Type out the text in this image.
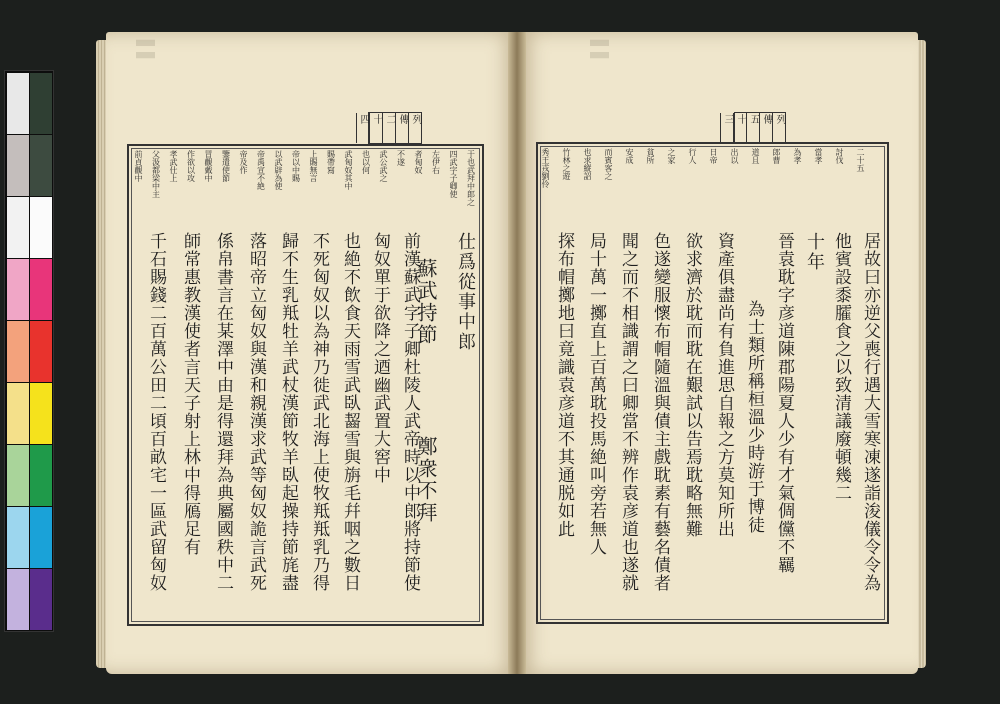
▌▌	▌▌
列
傳
二
十
四	列
傳
五
十
三
前貞觀中 父汲都梁中主 孝武仕上 作欲以攻 冒觀戴中 鑒遣使節 帝及作 帝禹宣不絶 以武辟為使 帝以中賜 上賜無言 賜帶寫 武匈奴其中 也以何 武公武之 不遂 者匈奴 左伊右 四武字子卿使 于也武拜中郎之
千石賜錢二百萬公田二頃百畝宅一區武留匈奴 師常惠教漢使者言天子射上林中得鴈足有 係帛書言在某澤中由是得還拜為典屬國秩中二 落昭帝立匈奴與漢和親漢求武等匈奴詭言武死 歸不生乳羝牡羊武杖漢節牧羊臥起操持節旄盡 不死匈奴以為神乃徙武北海上使牧羝羝乳乃得 也絶不飲食天雨雪武臥齧雪與旃毛幷咽之數日 匈奴單于欲降之迺幽武置大窖中 前漢蘇武字子卿杜陵人武帝時以中郎將持節使
蘇武持節
鄭衆不拜
仕爲從事中郎
秀王戎劉伶 竹林之遊 也求縱詔 而賓客之 安成 貧所 之家 行人 日帝 出以 道且 郎曹 為孝 當孝 討伐 二十五
探布帽擲地曰竟識袁彦道不其通脱如此 局十萬一擲直上百萬耽投馬絶叫旁若無人 聞之而不相識謂之曰卿當不辨作袁彦道也遂就 色遂變服懷布帽隨溫與債主戲耽素有藝名債者 欲求濟於耽而耽在艱試以告焉耽略無難 資產俱盡尚有負進思自報之方莫知所出 為士類所稱桓溫少時游于博徒 晉袁耽字彦道陳郡陽夏人少有才氣倜儻不羈 十年 他賓設黍臛食之以致清議廢頓幾二 居故曰亦逆父喪行遇大雪寒凍遂詣浚儀令令為
